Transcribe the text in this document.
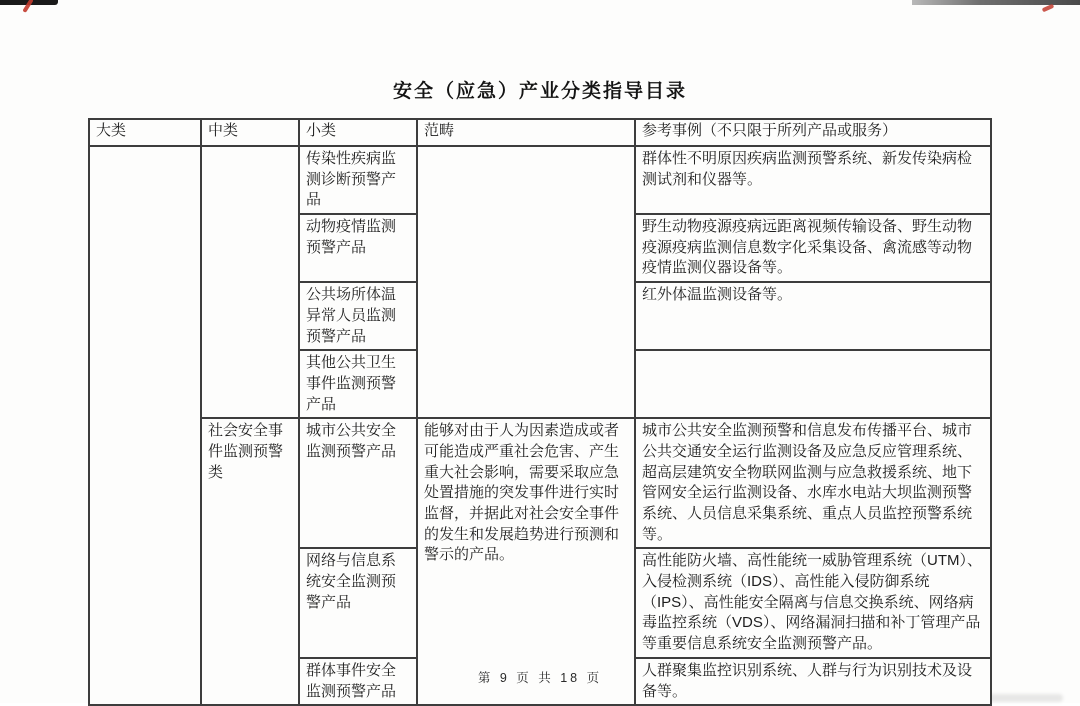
安全（应急）产业分类指导目录
大类	中类	小类	范畴	参考事例（不只限于所列产品或服务）
		传染性疾病监测诊断预警产品		群体性不明原因疾病监测预警系统、新发传染病检测试剂和仪器等。
		动物疫情监测预警产品		野生动物疫源疫病远距离视频传输设备、野生动物疫源疫病监测信息数字化采集设备、禽流感等动物疫情监测仪器设备等。
		公共场所体温异常人员监测预警产品		红外体温监测设备等。
		其他公共卫生事件监测预警产品		
	社会安全事件监测预警类	城市公共安全监测预警产品	能够对由于人为因素造成或者可能造成严重社会危害、产生重大社会影响，需要采取应急处置措施的突发事件进行实时监督，并据此对社会安全事件的发生和发展趋势进行预测和警示的产品。	城市公共安全监测预警和信息发布传播平台、城市公共交通安全运行监测设备及应急反应管理系统、超高层建筑安全物联网监测与应急救援系统、地下管网安全运行监测设备、水库水电站大坝监测预警系统、人员信息采集系统、重点人员监控预警系统等。
		网络与信息系统安全监测预警产品		高性能防火墙、高性能统一威胁管理系统（UTM）、入侵检测系统（IDS）、高性能入侵防御系统（IPS）、高性能安全隔离与信息交换系统、网络病毒监控系统（VDS）、网络漏洞扫描和补丁管理产品等重要信息系统安全监测预警产品。
		群体事件安全监测预警产品		人群聚集监控识别系统、人群与行为识别技术及设备等。
第 9 页 共 18 页
